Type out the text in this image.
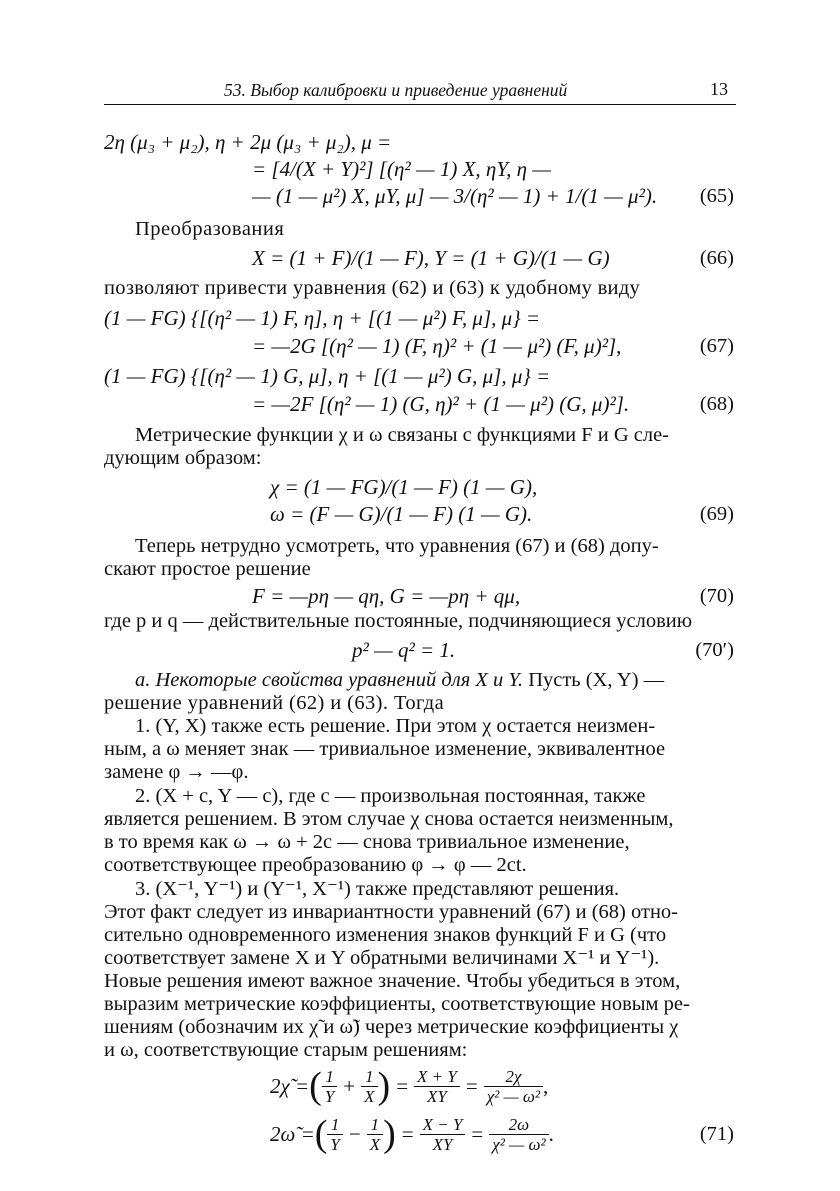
53. Выбор калибровки и приведение уравнений	13
2η (μ₃ + μ₂), η + 2μ (μ₃ + μ₂), μ =
= [4/(X + Y)²] [(η² — 1) X, ηY, η —
— (1 — μ²) X, μY, μ] — 3/(η² — 1) + 1/(1 — μ²). (65)
Преобразования
X = (1 + F)/(1 — F), Y = (1 + G)/(1 — G)	(66)
позволяют привести уравнения (62) и (63) к удобному виду
(1 — FG) {[(η² — 1) F, η], η + [(1 — μ²) F, μ], μ} =
= —2G [(η² — 1) (F, η)² + (1 — μ²) (F, μ)²],	(67)
(1 — FG) {[(η² — 1) G, μ], η + [(1 — μ²) G, μ], μ} =
= —2F [(η² — 1) (G, η)² + (1 — μ²) (G, μ)²].	(68)
Метрические функции χ и ω связаны с функциями F и G сле-
дующим образом:
χ = (1 — FG)/(1 — F) (1 — G),
ω = (F — G)/(1 — F) (1 — G).	(69)
Теперь нетрудно усмотреть, что уравнения (67) и (68) допу-
скают простое решение
F = —pη — qη, G = —pη + qμ,	(70)
где p и q — действительные постоянные, подчиняющиеся условию
p² — q² = 1.	(70′)
a. Некоторые свойства уравнений для X и Y. Пусть (X, Y) —
решение уравнений (62) и (63). Тогда
1. (Y, X) также есть решение. При этом χ остается неизмен-
ным, а ω меняет знак — тривиальное изменение, эквивалентное
замене φ → —φ.
2. (X + c, Y — c), где c — произвольная постоянная, также
является решением. В этом случае χ снова остается неизменным,
в то время как ω → ω + 2c — снова тривиальное изменение,
соответствующее преобразованию φ → φ — 2ct.
3. (X⁻¹, Y⁻¹) и (Y⁻¹, X⁻¹) также представляют решения.
Этот факт следует из инвариантности уравнений (67) и (68) отно-
сительно одновременного изменения знаков функций F и G (что
соответствует замене X и Y обратными величинами X⁻¹ и Y⁻¹).
Новые решения имеют важное значение. Чтобы убедиться в этом,
выразим метрические коэффициенты, соответствующие новым ре-
шениям (обозначим их χ̃ и ω̃) через метрические коэффициенты χ
и ω, соответствующие старым решениям:
2χ̃ = ( 1
$Y + \frac{1}{X}$ ) = $\frac{X + Y}{XY} = \frac{2\chi}{\text{χ² — ω²}}$ ,
2ω̃ = ( 1
$Y - \frac{1}{X}$ ) = $\frac{X - Y}{XY} = \frac{2\omega}{\text{χ² — ω²}}$ .	(71)
